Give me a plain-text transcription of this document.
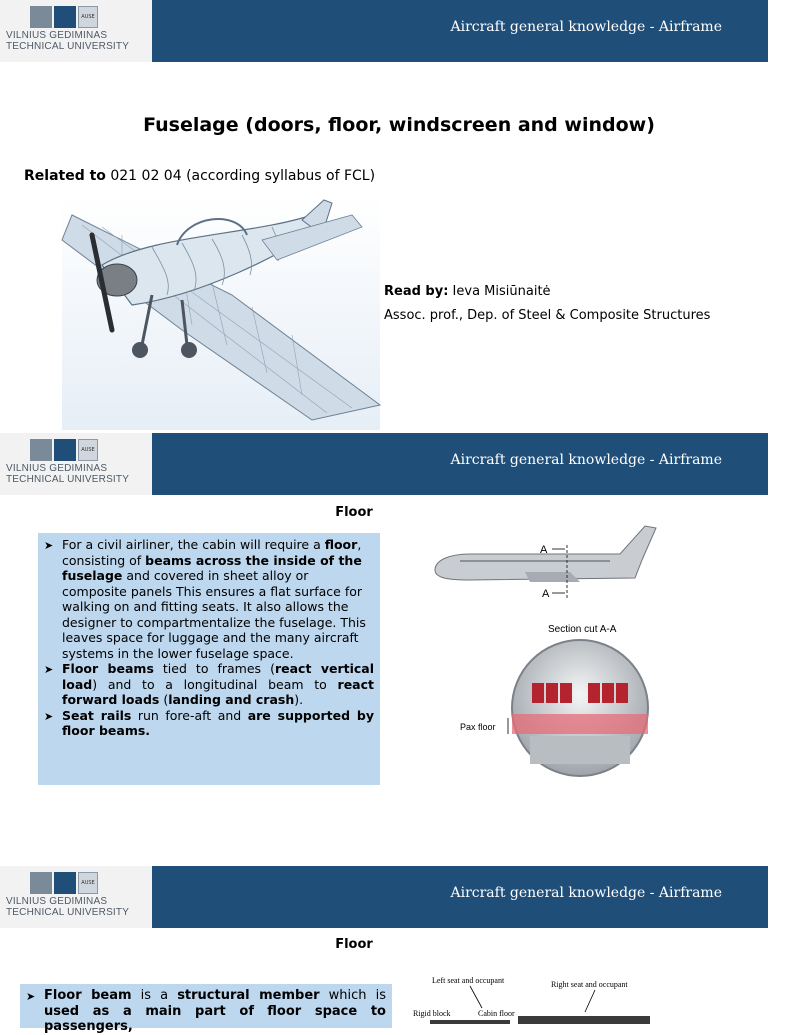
AUSE
VILNIUS GEDIMINAS
TECHNICAL UNIVERSITY
Aircraft general knowledge - Airframe
Fuselage (doors, floor, windscreen and window)
Related to 021 02 04 (according syllabus of FCL)
Read by: Ieva Misiūnaitė
Assoc. prof., Dep. of Steel & Composite Structures
AUSE
VILNIUS GEDIMINAS
TECHNICAL UNIVERSITY
Aircraft general knowledge - Airframe
Floor
➤ For a civil airliner, the cabin will require a floor, consisting of beams across the inside of the fuselage and covered in sheet alloy or composite panels This ensures a flat surface for walking on and fitting seats. It also allows the designer to compartmentalize the fuselage. This leaves space for luggage and the many aircraft systems in the lower fuselage space.
➤ Floor beams tied to frames (react vertical load) and to a longitudinal beam to react forward loads (landing and crash).
➤ Seat rails run fore-aft and are supported by floor beams.
A
A
Section cut A-A
Pax floor
AUSE
VILNIUS GEDIMINAS
TECHNICAL UNIVERSITY
Aircraft general knowledge - Airframe
Floor
➤ Floor beam is a structural member which is used as a main part of floor space to passengers,
Left seat and occupant	Right seat and occupant
Rigid block	Cabin floor
